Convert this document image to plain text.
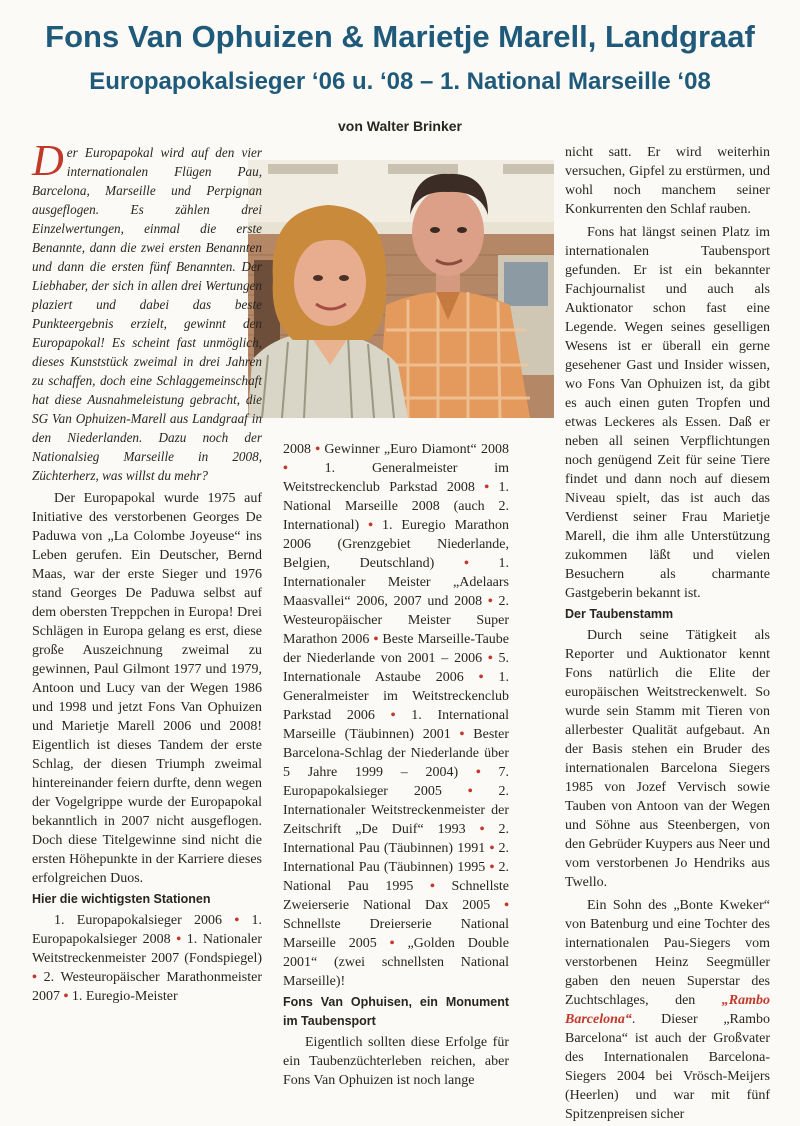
Fons Van Ophuizen & Marietje Marell, Landgraaf
Europapokalsieger ‘06 u. ‘08 – 1. National Marseille ‘08
von Walter Brinker

Der Europapokal wird auf den vier internationalen Flügen Pau, Barcelona, Marseille und Perpignan ausgeflogen. Es zählen drei Einzelwertungen, einmal die erste Benannte, dann die zwei ersten Benannten und dann die ersten fünf Benannten. Der Liebhaber, der sich in allen drei Wertungen plaziert und dabei das beste Punkteergebnis erzielt, gewinnt den Europapokal! Es scheint fast unmöglich, dieses Kunststück zweimal in drei Jahren zu schaffen, doch eine Schlaggemeinschaft hat diese Ausnahmeleistung gebracht, die SG Van Ophuizen-Marell aus Landgraaf in den Niederlanden. Dazu noch der Nationalsieg Marseille in 2008, Züchterherz, was willst du mehr?

Der Europapokal wurde 1975 auf Initiative des verstorbenen Georges De Paduwa von „La Colombe Joyeuse“ ins Leben gerufen. Ein Deutscher, Bernd Maas, war der erste Sieger und 1976 stand Georges De Paduwa selbst auf dem obersten Treppchen in Europa! Drei Schlägen in Europa gelang es erst, diese große Auszeichnung zweimal zu gewinnen, Paul Gilmont 1977 und 1979, Antoon und Lucy van der Wegen 1986 und 1998 und jetzt Fons Van Ophuizen und Marietje Marell 2006 und 2008! Eigentlich ist dieses Tandem der erste Schlag, der diesen Triumph zweimal hintereinander feiern durfte, denn wegen der Vogelgrippe wurde der Europapokal bekanntlich in 2007 nicht ausgeflogen. Doch diese Titelgewinne sind nicht die ersten Höhepunkte in der Karriere dieses erfolgreichen Duos.

Hier die wichtigsten Stationen

1. Europapokalsieger 2006 • 1. Europapokalsieger 2008 • 1. Nationaler Weitstreckenmeister 2007 (Fondspiegel) • 2. Westeuropäischer Marathonmeister 2007 • 1. Euregio-Meister

2008 • Gewinner „Euro Diamont“ 2008 •	1. Generalmeister im Weitstreckenclub Parkstad 2008 • 1. National Marseille 2008 (auch 2. International) • 1. Euregio Marathon 2006 (Grenzgebiet Niederlande, Belgien, Deutschland) • 1. Internationaler Meister „Adelaars Maasvallei“ 2006, 2007 und 2008 • 2. Westeuropäischer Meister Super Marathon 2006 • Beste Marseille-Taube der Niederlande von 2001 – 2006 • 5. Internationale Astaube 2006 • 1. Generalmeister im Weitstreckenclub Parkstad 2006 • 1. International Marseille (Täubinnen) 2001 • Bester Barcelona-Schlag der Niederlande über 5 Jahre 1999 – 2004) • 7. Europapokalsieger 2005 • 2. Internationaler Weitstreckenmeister der Zeitschrift „De Duif“ 1993 • 2. International Pau (Täubinnen) 1991 • 2. International Pau (Täubinnen) 1995 • 2. National Pau 1995 • Schnellste Zweierserie National Dax 2005 • Schnellste Dreierserie National Marseille 2005 • „Golden Double 2001“ (zwei schnellsten National Marseille)!

Fons Van Ophuisen, ein Monument im Taubensport

Eigentlich sollten diese Erfolge für ein Taubenzüchterleben reichen, aber Fons Van Ophuizen ist noch lange

nicht satt. Er wird weiterhin versuchen, Gipfel zu erstürmen, und wohl noch manchem seiner Konkurrenten den Schlaf rauben.

Fons hat längst seinen Platz im internationalen Taubensport gefunden. Er ist ein bekannter Fachjournalist und auch als Auktionator schon fast eine Legende. Wegen seines geselligen Wesens ist er überall ein gerne gesehener Gast und Insider wissen, wo Fons Van Ophuizen ist, da gibt es auch einen guten Tropfen und etwas Leckeres als Essen. Daß er neben all seinen Verpflichtungen noch genügend Zeit für seine Tiere findet und dann noch auf diesem Niveau spielt, das ist auch das Verdienst seiner Frau Marietje Marell, die ihm alle Unterstützung zukommen läßt und vielen Besuchern als charmante Gastgeberin bekannt ist.

Der Taubenstamm

Durch seine Tätigkeit als Reporter und Auktionator kennt Fons natürlich die Elite der europäischen Weitstreckenwelt. So wurde sein Stamm mit Tieren von allerbester Qualität aufgebaut. An der Basis stehen ein Bruder des internationalen Barcelona Siegers 1985 von Jozef Vervisch sowie Tauben von Antoon van der Wegen und Söhne aus Steenbergen, von den Gebrüder Kuypers aus Neer und vom verstorbenen Jo Hendriks aus Twello.

Ein Sohn des „Bonte Kweker“ von Batenburg und eine Tochter des internationalen Pau-Siegers vom verstorbenen Heinz Seegmüller gaben den neuen Superstar des Zuchtschlages, den „Rambo Barcelona“. Dieser „Rambo Barcelona“ ist auch der Großvater des Internationalen Barcelona-Siegers 2004 bei Vrösch-Meijers (Heerlen) und war mit fünf Spitzenpreisen sicher
